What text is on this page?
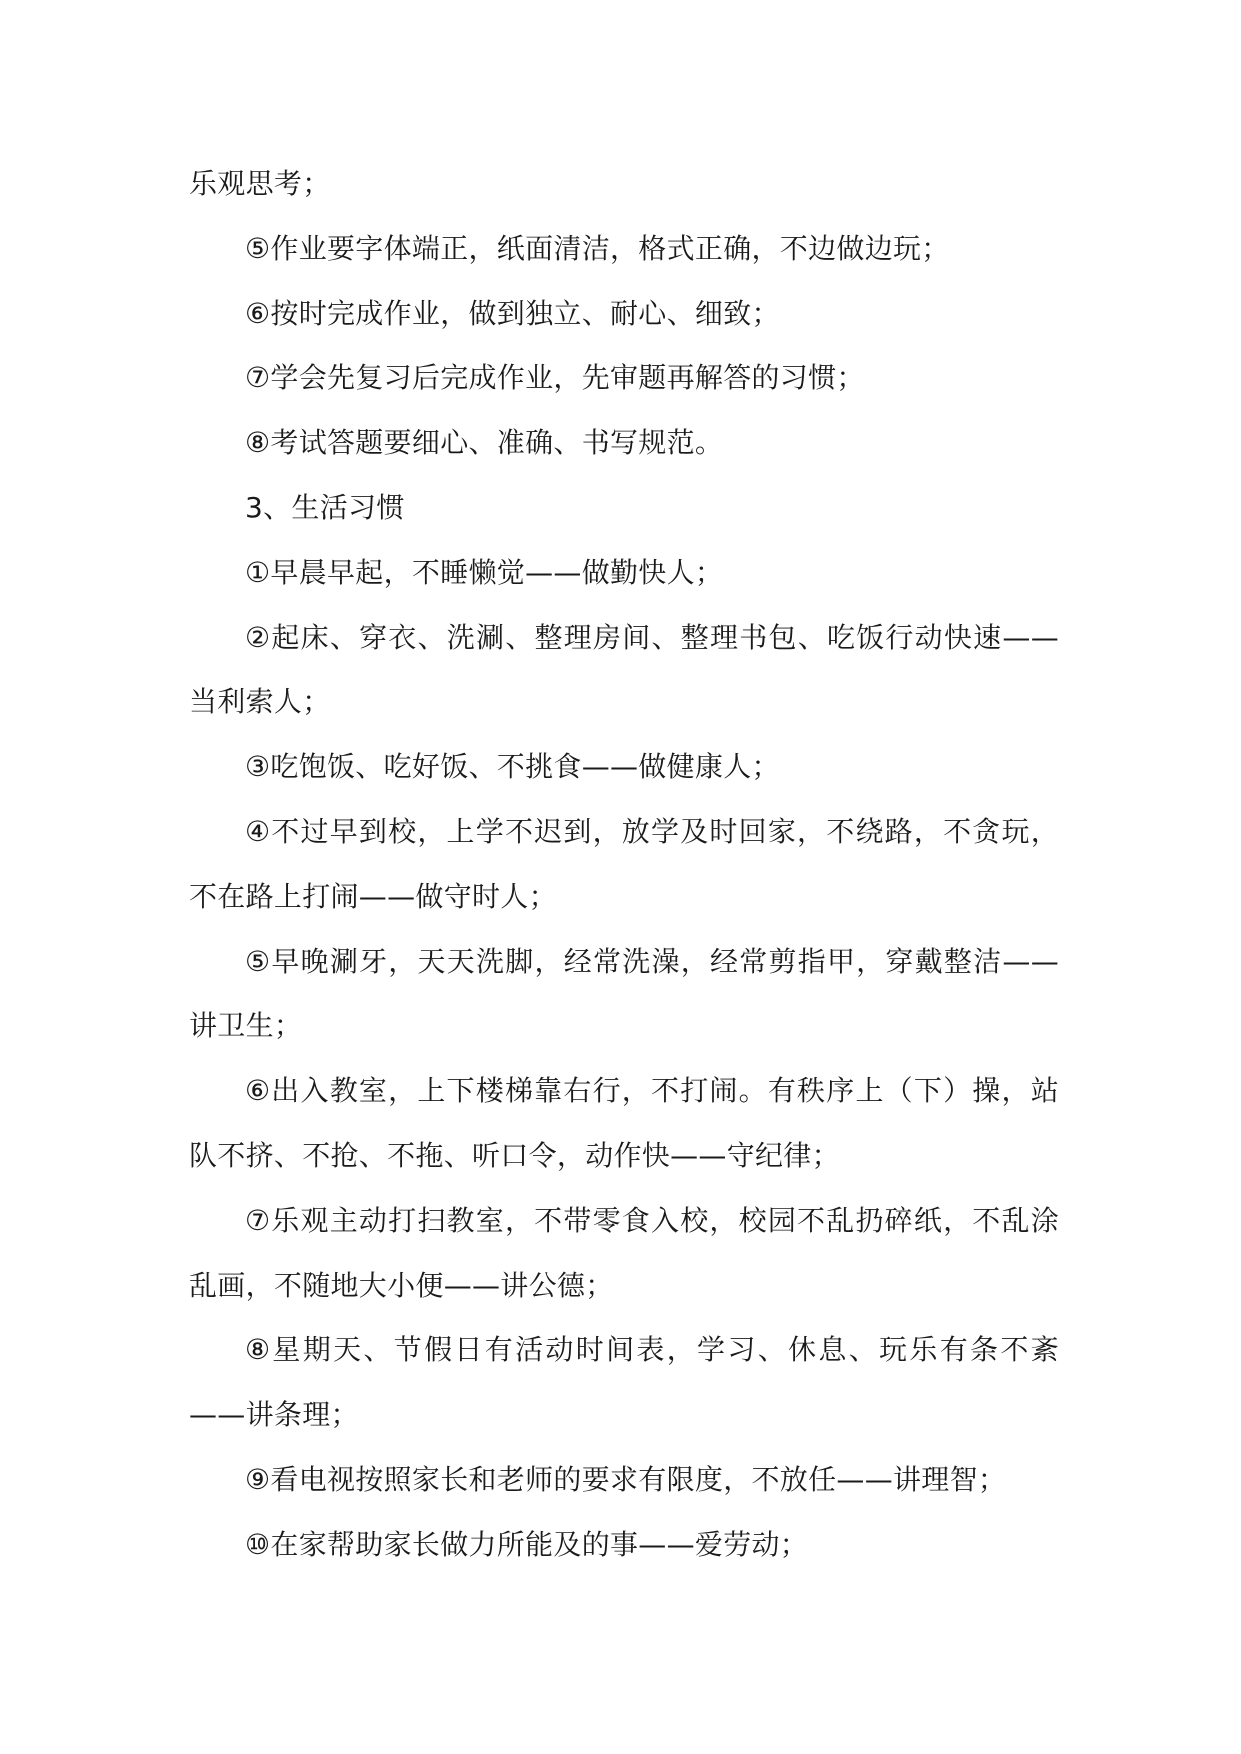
乐观思考；

⑤作业要字体端正，纸面清洁，格式正确，不边做边玩；

⑥按时完成作业，做到独立、耐心、细致；

⑦学会先复习后完成作业，先审题再解答的习惯；

⑧考试答题要细心、准确、书写规范。

3、生活习惯

①早晨早起，不睡懒觉——做勤快人；

②起床、穿衣、洗涮、整理房间、整理书包、吃饭行动快速——

当利索人；

③吃饱饭、吃好饭、不挑食——做健康人；

④不过早到校，上学不迟到，放学及时回家，不绕路，不贪玩，

不在路上打闹——做守时人；

⑤早晚涮牙，天天洗脚，经常洗澡，经常剪指甲，穿戴整洁——

讲卫生；

⑥出入教室，上下楼梯靠右行，不打闹。有秩序上（下）操，站

队不挤、不抢、不拖、听口令，动作快——守纪律；

⑦乐观主动打扫教室，不带零食入校，校园不乱扔碎纸，不乱涂

乱画，不随地大小便——讲公德；

⑧星期天、节假日有活动时间表，学习、休息、玩乐有条不紊

——讲条理；

⑨看电视按照家长和老师的要求有限度，不放任——讲理智；

⑩在家帮助家长做力所能及的事——爱劳动；
